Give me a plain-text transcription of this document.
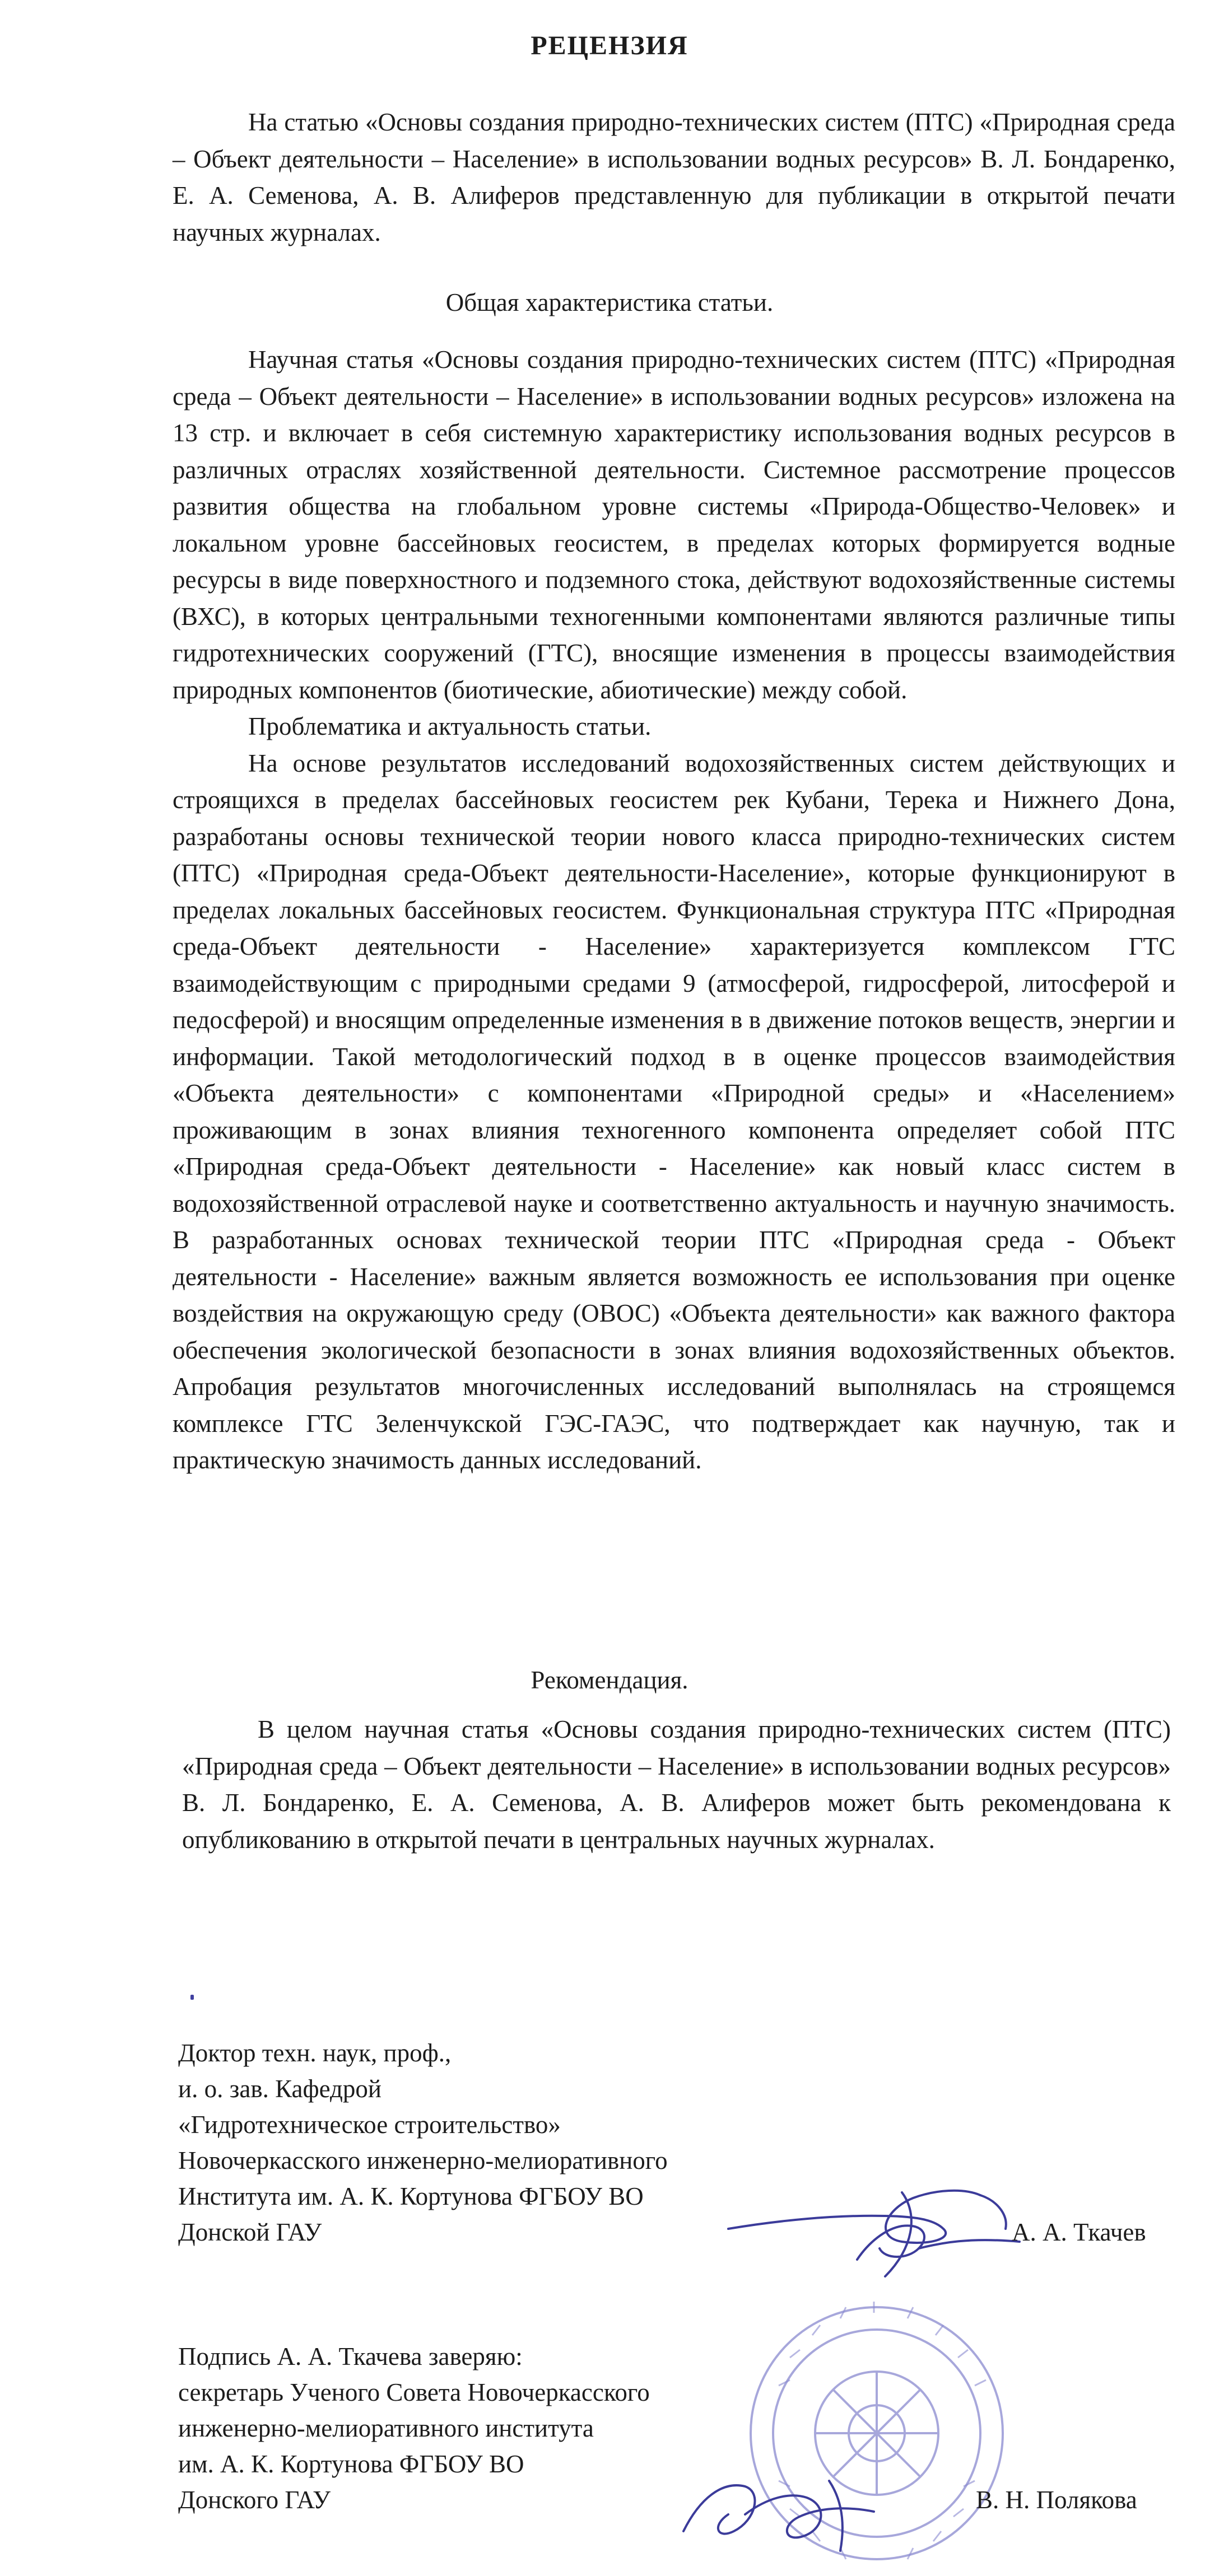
РЕЦЕНЗИЯ

На статью «Основы создания природно-технических систем (ПТС) «Природная среда – Объект деятельности – Население» в использовании водных ресурсов» В. Л. Бондаренко, Е. А. Семенова, А. В. Алиферов представленную для публикации в открытой печати научных журналах.

Общая характеристика статьи.

Научная статья «Основы создания природно-технических систем (ПТС) «Природная среда – Объект деятельности – Население» в использовании водных ресурсов» изложена на 13 стр. и включает в себя системную характеристику использования водных ресурсов в различных отраслях хозяйственной деятельности. Системное рассмотрение процессов развития общества на глобальном уровне системы «Природа-Общество-Человек» и локальном уровне бассейновых геосистем, в пределах которых формируется водные ресурсы в виде поверхностного и подземного стока, действуют водохозяйственные системы (ВХС), в которых центральными техногенными компонентами являются различные типы гидротехнических сооружений (ГТС), вносящие изменения в процессы взаимодействия природных компонентов (биотические, абиотические) между собой.

Проблематика и актуальность статьи.

На основе результатов исследований водохозяйственных систем действующих и строящихся в пределах бассейновых геосистем рек Кубани, Терека и Нижнего Дона, разработаны основы технической теории нового класса природно-технических систем (ПТС) «Природная среда-Объект деятельности-Население», которые функционируют в пределах локальных бассейновых геосистем. Функциональная структура ПТС «Природная среда-Объект деятельности - Население» характеризуется комплексом ГТС взаимодействующим с природными средами 9 (атмосферой, гидросферой, литосферой и педосферой) и вносящим определенные изменения в в движение потоков веществ, энергии и информации. Такой методологический подход в в оценке процессов взаимодействия «Объекта деятельности» с компонентами «Природной среды» и «Населением» проживающим в зонах влияния техногенного компонента определяет собой ПТС «Природная среда-Объект деятельности - Население» как новый класс систем в водохозяйственной отраслевой науке и соответственно актуальность и научную значимость. В разработанных основах технической теории ПТС «Природная среда - Объект деятельности - Население» важным является возможность ее использования при оценке воздействия на окружающую среду (ОВОС) «Объекта деятельности» как важного фактора обеспечения экологической безопасности в зонах влияния водохозяйственных объектов. Апробация результатов многочисленных исследований выполнялась на строящемся комплексе ГТС Зеленчукской ГЭС-ГАЭС, что подтверждает как научную, так и практическую значимость данных исследований.

Рекомендация.

В целом научная статья «Основы создания природно-технических систем (ПТС) «Природная среда – Объект деятельности – Население» в использовании водных ресурсов» В. Л. Бондаренко, Е. А. Семенова, А. В. Алиферов может быть рекомендована к опубликованию в открытой печати в центральных научных журналах.

Доктор техн. наук, проф.,
и. о. зав. Кафедрой
«Гидротехническое строительство»
Новочеркасского инженерно-мелиоративного
Института им. А. К. Кортунова ФГБОУ ВО
Донской ГАУ	А. А. Ткачев
Подпись А. А. Ткачева заверяю:
секретарь Ученого Совета Новочеркасского
инженерно-мелиоративного института
им. А. К. Кортунова ФГБОУ ВО
Донского ГАУ	В. Н. Полякова
